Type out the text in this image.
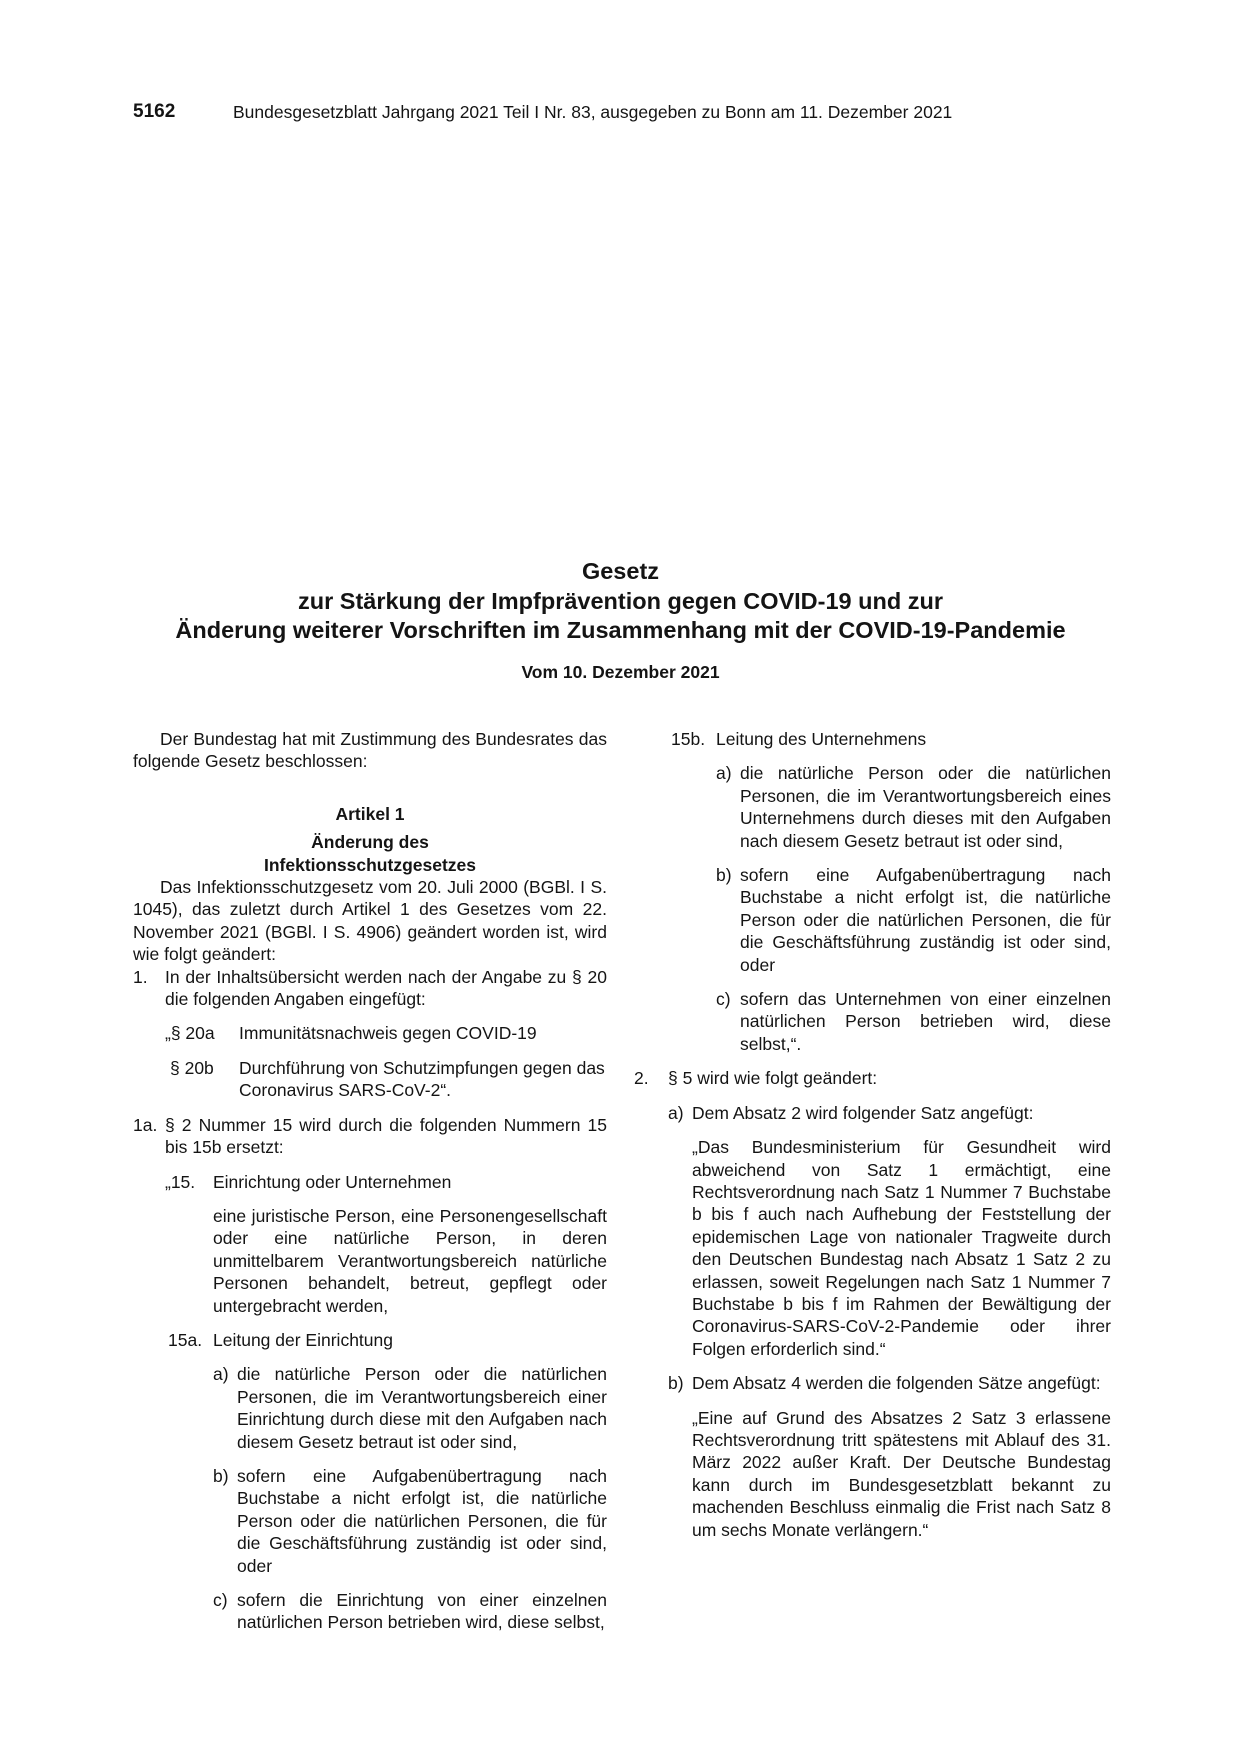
5162	Bundesgesetzblatt Jahrgang 2021 Teil I Nr. 83, ausgegeben zu Bonn am 11. Dezember 2021
Gesetz
zur Stärkung der Impfprävention gegen COVID-19 und zur
Änderung weiterer Vorschriften im Zusammenhang mit der COVID-19-Pandemie
Vom 10. Dezember 2021

Der Bundestag hat mit Zustimmung des Bundesrates das folgende Gesetz beschlossen:

Artikel 1
Änderung des
Infektionsschutzgesetzes

Das Infektionsschutzgesetz vom 20. Juli 2000 (BGBl. I S. 1045), das zuletzt durch Artikel 1 des Gesetzes vom 22. November 2021 (BGBl. I S. 4906) geändert worden ist, wird wie folgt geändert:

1. In der Inhaltsübersicht werden nach der Angabe zu § 20 die folgenden Angaben eingefügt:
„§ 20a	Immunitätsnachweis gegen COVID-19
§ 20b	Durchführung von Schutzimpfungen gegen das Coronavirus SARS-CoV-2“.
1a. § 2 Nummer 15 wird durch die folgenden Nummern 15 bis 15b ersetzt:
„15.	Einrichtung oder Unternehmen

eine juristische Person, eine Personengesellschaft oder eine natürliche Person, in deren unmittelbarem Verantwortungsbereich natürliche Personen behandelt, betreut, gepflegt oder untergebracht werden,

15a. Leitung der Einrichtung
a) die natürliche Person oder die natürlichen Personen, die im Verantwortungsbereich einer Einrichtung durch diese mit den Aufgaben nach diesem Gesetz betraut ist oder sind,
b) sofern eine Aufgabenübertragung nach Buchstabe a nicht erfolgt ist, die natürliche Person oder die natürlichen Personen, die für die Geschäftsführung zuständig ist oder sind, oder
c) sofern die Einrichtung von einer einzelnen natürlichen Person betrieben wird, diese selbst,
15b. Leitung des Unternehmens
a) die natürliche Person oder die natürlichen Personen, die im Verantwortungsbereich eines Unternehmens durch dieses mit den Aufgaben nach diesem Gesetz betraut ist oder sind,
b) sofern eine Aufgabenübertragung nach Buchstabe a nicht erfolgt ist, die natürliche Person oder die natürlichen Personen, die für die Geschäftsführung zuständig ist oder sind, oder
c) sofern das Unternehmen von einer einzelnen natürlichen Person betrieben wird, diese selbst,“.
2.	§ 5 wird wie folgt geändert:
a) Dem Absatz 2 wird folgender Satz angefügt:

„Das Bundesministerium für Gesundheit wird abweichend von Satz 1 ermächtigt, eine Rechtsverordnung nach Satz 1 Nummer 7 Buchstabe b bis f auch nach Aufhebung der Feststellung der epidemischen Lage von nationaler Tragweite durch den Deutschen Bundestag nach Absatz 1 Satz 2 zu erlassen, soweit Regelungen nach Satz 1 Nummer 7 Buchstabe b bis f im Rahmen der Bewältigung der Coronavirus-SARS-CoV-2-Pandemie oder ihrer Folgen erforderlich sind.“

b) Dem Absatz 4 werden die folgenden Sätze angefügt:

„Eine auf Grund des Absatzes 2 Satz 3 erlassene Rechtsverordnung tritt spätestens mit Ablauf des 31. März 2022 außer Kraft. Der Deutsche Bundestag kann durch im Bundesgesetzblatt bekannt zu machenden Beschluss einmalig die Frist nach Satz 8 um sechs Monate verlängern.“
